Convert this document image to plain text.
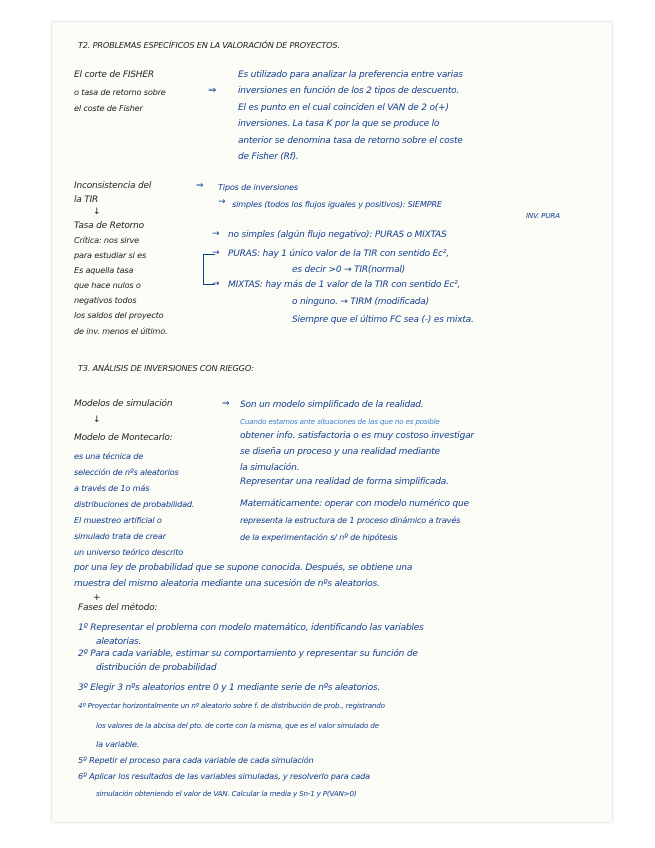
T2. PROBLEMAS ESPECÍFICOS EN LA VALORACIÓN DE PROYECTOS.
El corte de FISHER
o tasa de retorno sobre
el coste de Fisher
⇒
Es utilizado para analizar la preferencia entre varias
inversiones en función de los 2 tipos de descuento.
El es punto en el cual coinciden el VAN de 2 o(+)
inversiones. La tasa K por la que se produce lo
anterior se denomina tasa de retorno sobre el coste
de Fisher (Rf).
Inconsistencia del
la TIR
↓
⇒ Tipos de inversiones
→ simples (todos los flujos iguales y positivos): SIEMPRE
INV. PURA
Tasa de Retorno
Crítica: nos sirve
para estudiar si es
Es aquella tasa
que hace nulos o
negativos todos
los saldos del proyecto
de inv. menos el último.
→ no simples (algún flujo negativo): PURAS o MIXTAS
→ PURAS: hay 1 único valor de la TIR con sentido Ec²,
es decir >0 → TIR(normal)
→ MIXTAS: hay más de 1 valor de la TIR con sentido Ec²,
o ninguno. → TIRM (modificada)
Siempre que el último FC sea (-) es mixta.
T3. ANÁLISIS DE INVERSIONES CON RIEGGO:
Modelos de simulación	⇒ Son un modelo simplificado de la realidad.
Cuando estamos ante situaciones de las que no es posible
obtener info. satisfactoria o es muy costoso investigar
se diseña un proceso y una realidad mediante
la simulación.
Representar una realidad de forma simplificada.
Matemáticamente: operar con modelo numérico que
representa la estructura de 1 proceso dinámico a través
de la experimentación s/ nº de hipótesis
↓
Modelo de Montecarlo:
es una técnica de
selección de nºs aleatorios
a través de 1o más
distribuciones de probabilidad.
El muestreo artificial o
simulado trata de crear
un universo teórico descrito
por una ley de probabilidad que se supone conocida. Después, se obtiene una
muestra del mismo aleatoria mediante una sucesión de nºs aleatorios.
+
Fases del método:
1º Representar el problema con modelo matemático, identificando las variables
aleatorias.
2º Para cada variable, estimar su comportamiento y representar su función de
distribución de probabilidad
3º Elegir 3 nºs aleatorios entre 0 y 1 mediante serie de nºs aleatorios.
4º Proyectar horizontalmente un nº aleatorio sobre f. de distribución de prob., registrando
los valores de la abcisa del pto. de corte con la misma, que es el valor simulado de
la variable.
5º Repetir el proceso para cada variable de cada simulación
6º Aplicar los resultados de las variables simuladas, y resolverlo para cada
simulación obteniendo el valor de VAN. Calcular la media y Sn-1 y P(VAN>0)
